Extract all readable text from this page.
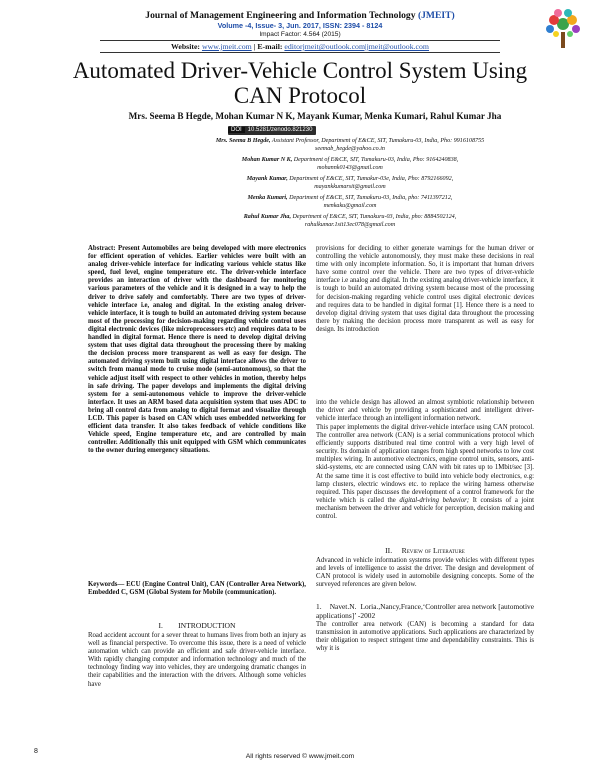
Journal of Management Engineering and Information Technology (JMEIT)
Volume -4, Issue- 3, Jun. 2017, ISSN: 2394 - 8124
Impact Factor: 4.564 (2015)
Website: www.jmeit.com | E-mail: editorjmeit@outlook.com|jmeit@outlook.com
Automated Driver-Vehicle Control System Using CAN Protocol
Mrs. Seema B Hegde, Mohan Kumar N K, Mayank Kumar, Menka Kumari, Rahul Kumar Jha
DOI 10.5281/zenodo.821230
Mrs. Seema B Hegde, Assistant Professor, Department of E&CE, SIT, Tumakuru-03, India, Pho: 9916108755
seemab_hegde@yahoo.co.in
Mohan Kumar N K, Department of E&CE, SIT, Tumakuru-03, India, Pho: 9164240838,
mohannk0143@gmail.com
Mayank Kumar, Department of E&CE, SIT, Tumakur-03e, India, Pho: 8792166092,
mayankkumarsit@gmail.com
Menka Kumari, Department of E&CE, SIT, Tumakuru-03, India, pho: 7411397212,
menkaku@gmail.com
Rahul Kumar Jha, Department of E&CE, SIT, Tumakuru-03, India, pho: 8884502124,
rahulkumar.1sit13ec078@gmail.com
Abstract: Present Automobiles are being developed with more electronics for efficient operation of vehicles. Earlier vehicles were built with an analog driver-vehicle interface for indicating various vehicle status like speed, fuel level, engine temperature etc. The driver-vehicle interface provides an interaction of driver with the dashboard for monitoring various parameters of the vehicle and it is designed in a way to help the driver to drive safely and comfortably. There are two types of driver-vehicle interface i.e, analog and digital. In the existing analog driver-vehicle interface, it is tough to build an automated driving system because most of the processing for decision-making regarding vehicle control uses digital electronic devices (like microprocessors etc) and requires data to be handled in digital format. Hence there is need to develop digital driving system that uses digital data throughout the processing there by making the decision process more transparent as well as easy for design. The automated driving system built using digital interface allows the driver to switch from manual mode to cruise mode (semi-autonomous), so that the vehicle adjust itself with respect to other vehicles in motion, thereby helps in safe driving. The paper develops and implements the digital driving system for a semi-autonomous vehicle to improve the driver-vehicle interface. It uses an ARM based data acquisition system that uses ADC to bring all control data from analog to digital format and visualize through LCD. This paper is based on CAN which uses embedded networking for efficient data transfer. It also takes feedback of vehicle conditions like Vehicle speed, Engine temperature etc, and are controlled by main controller. Additionally this unit equipped with GSM which communicates to the owner during emergency situations.
Keywords— ECU (Engine Control Unit), CAN (Controller Area Network), Embedded C, GSM (Global System for Mobile (communication).
I.        INTRODUCTION
Road accident account for a sever threat to humans lives from both an injury as well as financial perspective. To overcome this issue, there is a need of vehicle automation which can provide an efficient and safe driver-vehicle interface. With rapidly changing computer and information technology and much of the technology finding way into vehicles, they are undergoing dramatic changes in their capabilities and the interaction with the drivers. Although some vehicles have
provisions for deciding to either generate warnings for the human driver or controlling the vehicle autonomously, they must make these decisions in real time with only incomplete information. So, it is important that human drivers have some control over the vehicle. There are two types of driver-vehicle interface i.e analog and digital. In the existing analog driver-vehicle interface, it is tough to build an automated driving system because most of the processing for decision-making regarding vehicle control uses digital electronic devices and requires data to be handled in digital format [1]. Hence there is a need to develop digital driving system that uses digital data throughout the processing there by making the decision process more transparent as well as easy for design. Its introduction
into the vehicle design has allowed an almost symbiotic relationship between the driver and vehicle by providing a sophisticated and intelligent driver-vehicle interface through an intelligent information network.
This paper implements the digital driver-vehicle interface using CAN protocol. The controller area network (CAN) is a serial communications protocol which efficiently supports distributed real time control with a very high level of security. Its domain of application ranges from high speed networks to low cost multiplex wiring. In automotive electronics, engine control units, sensors, anti-skid-systems, etc are connected using CAN with bit rates up to 1Mbit/sec [3]. At the same time it is cost effective to build into vehicle body electronics, e.g: lamp clusters, electric windows etc. to replace the wiring harness otherwise required. This paper discusses the development of a control framework for the vehicle which is called the digital-driving behavior; It consists of a joint mechanism between the driver and vehicle for perception, decision making and control.
II. Review of Literature
Advanced in vehicle information systems provide vehicles with different types and levels of intelligence to assist the driver. The design and development of CAN protocol is widely used in automobile designing concepts. Some of the surveyed references are given below.
1.    Navet.N.  Loria.,Nancy,France,‘Controller area network [automotive applications]’ -2002
The controller area network (CAN) is becoming a standard for data transmission in automotive applications. Such applications are characterized by their obligation to respect stringent time and dependability constraints. This is why it is
All rights reserved © www.jmeit.com
8
